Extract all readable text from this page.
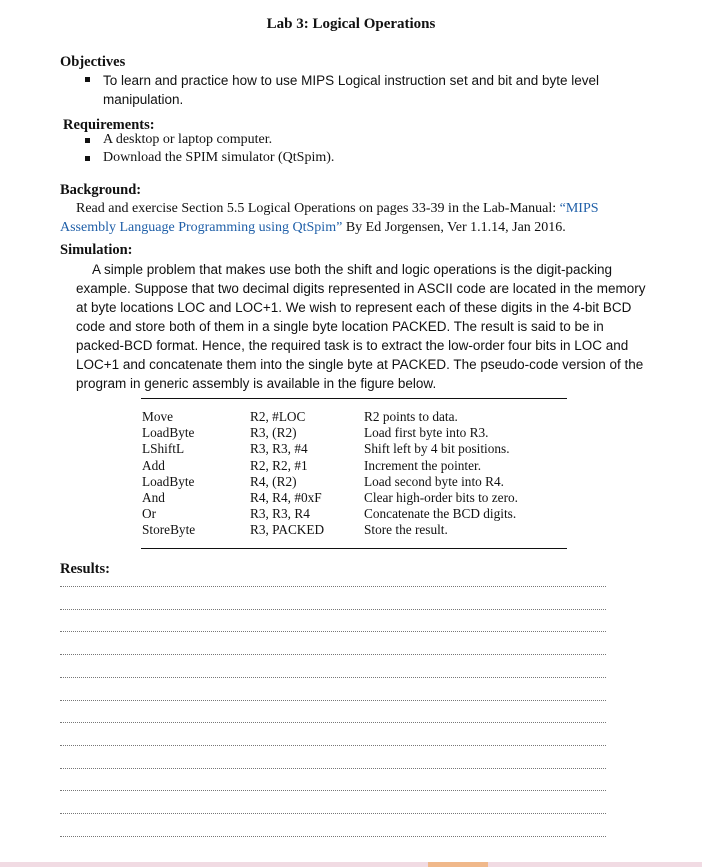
Lab 3: Logical Operations
Objectives
To learn and practice how to use MIPS Logical instruction set and bit and byte level manipulation.
Requirements:
A desktop or laptop computer.
Download the SPIM simulator (QtSpim).
Background:
Read and exercise Section 5.5 Logical Operations on pages 33-39 in the Lab-Manual: “MIPS Assembly Language Programming using QtSpim” By Ed Jorgensen, Ver 1.1.14, Jan 2016.
Simulation:
A simple problem that makes use both the shift and logic operations is the digit-packing example. Suppose that two decimal digits represented in ASCII code are located in the memory at byte locations LOC and LOC+1. We wish to represent each of these digits in the 4-bit BCD code and store both of them in a single byte location PACKED. The result is said to be in packed-BCD format. Hence, the required task is to extract the low-order four bits in LOC and LOC+1 and concatenate them into the single byte at PACKED. The pseudo-code version of the program in generic assembly is available in the figure below.
Move
LoadByte
LShiftL
Add
LoadByte
And
Or
StoreByte
R2, #LOC
R3, (R2)
R3, R3, #4
R2, R2, #1
R4, (R2)
R4, R4, #0xF
R3, R3, R4
R3, PACKED
R2 points to data.
Load first byte into R3.
Shift left by 4 bit positions.
Increment the pointer.
Load second byte into R4.
Clear high-order bits to zero.
Concatenate the BCD digits.
Store the result.
Results:
